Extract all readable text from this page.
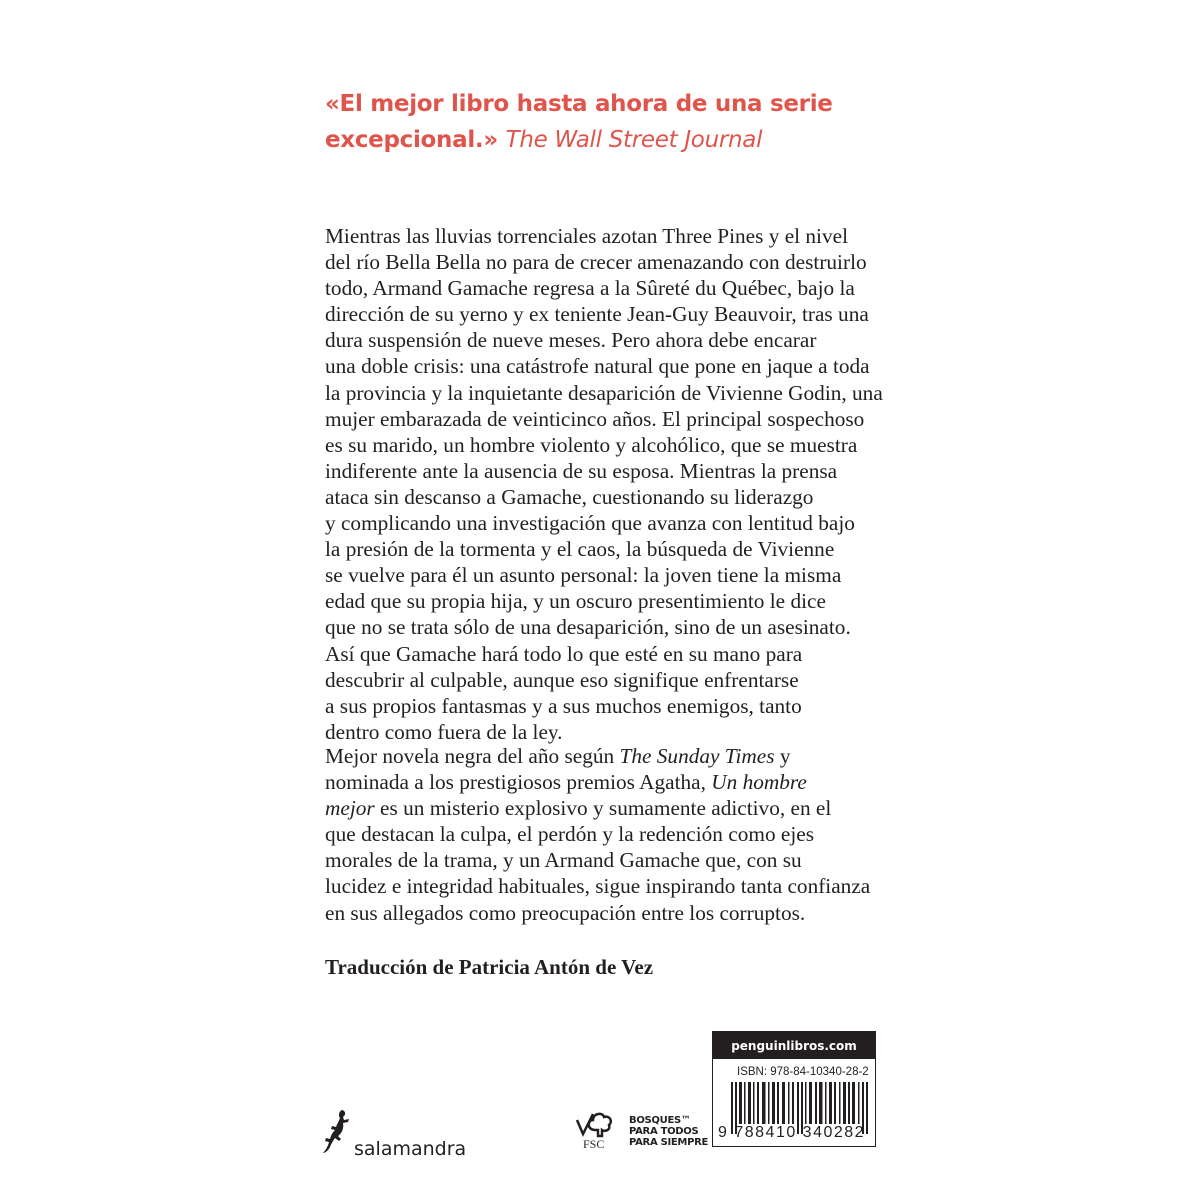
«El mejor libro hasta ahora de una serie
excepcional.» The Wall Street Journal
Mientras las lluvias torrenciales azotan Three Pines y el nivel
del río Bella Bella no para de crecer amenazando con destruirlo
todo, Armand Gamache regresa a la Sûreté du Québec, bajo la
dirección de su yerno y ex teniente Jean-Guy Beauvoir, tras una
dura suspensión de nueve meses. Pero ahora debe encarar
una doble crisis: una catástrofe natural que pone en jaque a toda
la provincia y la inquietante desaparición de Vivienne Godin, una
mujer embarazada de veinticinco años. El principal sospechoso
es su marido, un hombre violento y alcohólico, que se muestra
indiferente ante la ausencia de su esposa. Mientras la prensa
ataca sin descanso a Gamache, cuestionando su liderazgo
y complicando una investigación que avanza con lentitud bajo
la presión de la tormenta y el caos, la búsqueda de Vivienne
se vuelve para él un asunto personal: la joven tiene la misma
edad que su propia hija, y un oscuro presentimiento le dice
que no se trata sólo de una desaparición, sino de un asesinato.
Así que Gamache hará todo lo que esté en su mano para
descubrir al culpable, aunque eso signifique enfrentarse
a sus propios fantasmas y a sus muchos enemigos, tanto
dentro como fuera de la ley.
Mejor novela negra del año según The Sunday Times y
nominada a los prestigiosos premios Agatha, Un hombre
mejor es un misterio explosivo y sumamente adictivo, en el
que destacan la culpa, el perdón y la redención como ejes
morales de la trama, y un Armand Gamache que, con su
lucidez e integridad habituales, sigue inspirando tanta confianza
en sus allegados como preocupación entre los corruptos.
Traducción de Patricia Antón de Vez
salamandra	FSC
BOSQUES™
PARA TODOS
PARA SIEMPRE
penguinlibros.com
ISBN: 978-84-10340-28-2
9 788410 340282
